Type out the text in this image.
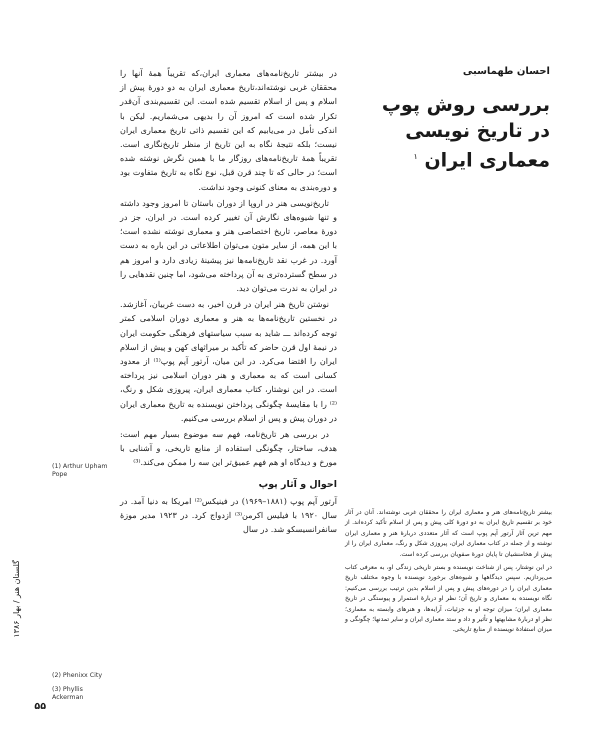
در بیشتر تاریخ‌نامه‌های معماری ایران،که تقریباً همهٔ آنها را محققان غربی نوشته‌اند،تاریخ معماری ایران به دو دورهٔ پیش از اسلام و پس از اسلام تقسیم شده است. این تقسیم‌بندی آن‌قدر تکرار شده است که امروز آن را بدیهی می‌شماریم. لیکن با اندکی تأمل در می‌یابیم که این تقسیم ذاتی تاریخ معماری ایران نیست؛ بلکه نتیجهٔ نگاه به این تاریخ از منظر تاریخ‌نگاری است. تقریباً همهٔ تاریخ‌نامه‌های روزگار ما با همین نگرش نوشته شده است؛ در حالی که تا چند قرن قبل، نوع نگاه به تاریخ متفاوت بود و دوره‌بندی به معنای کنونی وجود نداشت.

تاریخ‌نویسی هنر در اروپا از دوران باستان تا امروز وجود داشته و تنها شیوه‌های نگارش آن تغییر کرده است. در ایران، جز در دورهٔ معاصر، تاریخ اختصاصی هنر و معماری نوشته نشده است؛ با این همه، از سایر متون می‌توان اطلاعاتی در این باره به دست آورد. در غرب نقد تاریخ‌نامه‌ها نیز پیشینهٔ زیادی دارد و امروز هم در سطح گسترده‌تری به آن پرداخته می‌شود، اما چنین نقدهایی را در ایران به ندرت می‌توان دید.

نوشتن تاریخ هنر ایران در قرن اخیر، به دست غربیان، آغازشد. در نخستین تاریخ‌نامه‌ها به هنر و معماری دوران اسلامی کمتر توجه کرده‌اند ـــ شاید به سبب سیاستهای فرهنگی حکومت ایران در نیمهٔ اول قرن حاضر که تأکید بر میراثهای کهن و پیش از اسلام ایران را اقتضا می‌کرد. در این میان، آرتور آپم پوپ⁽¹⁾ از معدود کسانی است که به معماری و هنر دوران اسلامی نیز پرداخته است. در این نوشتار، کتاب معماری ایران، پیروزی شکل و رنگ، ⁽²⁾ را با مقایسهٔ چگونگی پرداختن نویسنده به تاریخ معماری ایران در دوران پیش و پس از اسلام بررسی می‌کنیم.

در بررسی هر تاریخ‌نامه، فهم سه موضوع بسیار مهم است: هدف، ساختار، چگونگی استفاده از منابع تاریخی، و آشنایی با مورخ و دیدگاه او هم فهم عمیق‌تر این سه را ممکن می‌کند.⁽³⁾

احوال و آثار پوپ

آرتور آپم پوپ (۱۸۸۱–۱۹۶۹) در فینیکس⁽²⁾ امریکا به دنیا آمد. در سال ۱۹۲۰ با فیلیس اکرمن⁽³⁾ ازدواج کرد. در ۱۹۲۳ مدیر موزهٔ سانفرانسیسکو شد. در سال

احسان طهماسبی
بررسی روش پوپ
در تاریخ نویسی
معماری ایران $^۱$

بیشتر تاریخ‌نامه‌های هنر و معماری ایران را محققان غربی نوشته‌اند. آنان در آثار خود بر تقسیم تاریخ ایران به دو دورهٔ کلی پیش و پس از اسلام تأکید کرده‌اند. از مهم ترین آثار آرتور آپم پوپ است که آثار متعددی دربارهٔ هنر و معماری ایران نوشته و از جمله در کتاب معماری ایران، پیروزی شکل و رنگ، معماری ایران را از پیش از هخامنشیان تا پایان دورهٔ صفویان بررسی کرده است.

در این نوشتار، پس از شناخت نویسنده و بستر تاریخی زندگی او، به معرفی کتاب می‌پردازیم. سپس دیدگاهها و شیوه‌های برخورد نویسنده با وجوه مختلف تاریخ معماری ایران را در دوره‌های پیش و پس از اسلام بدین ترتیب بررسی می‌کنیم: نگاه نویسنده به معماری و تاریخ آن؛ نظر او دربارهٔ استمرار و پیوستگی در تاریخ معماری ایران؛ میزان توجه او به جزئیات، آرایه‌ها، و هنرهای وابسته به معماری؛ نظر او دربارهٔ مشابهتها و تأثیر و داد و ستد معماری ایران و سایر تمدنها؛ چگونگی و میزان استفادهٔ نویسنده از منابع تاریخی.

(1) Arthur Upham Pope
(2) Phenixx City
(3) Phyllis Ackerman
گلستان هنر / بهار ۱۳۸۶
۵۵
